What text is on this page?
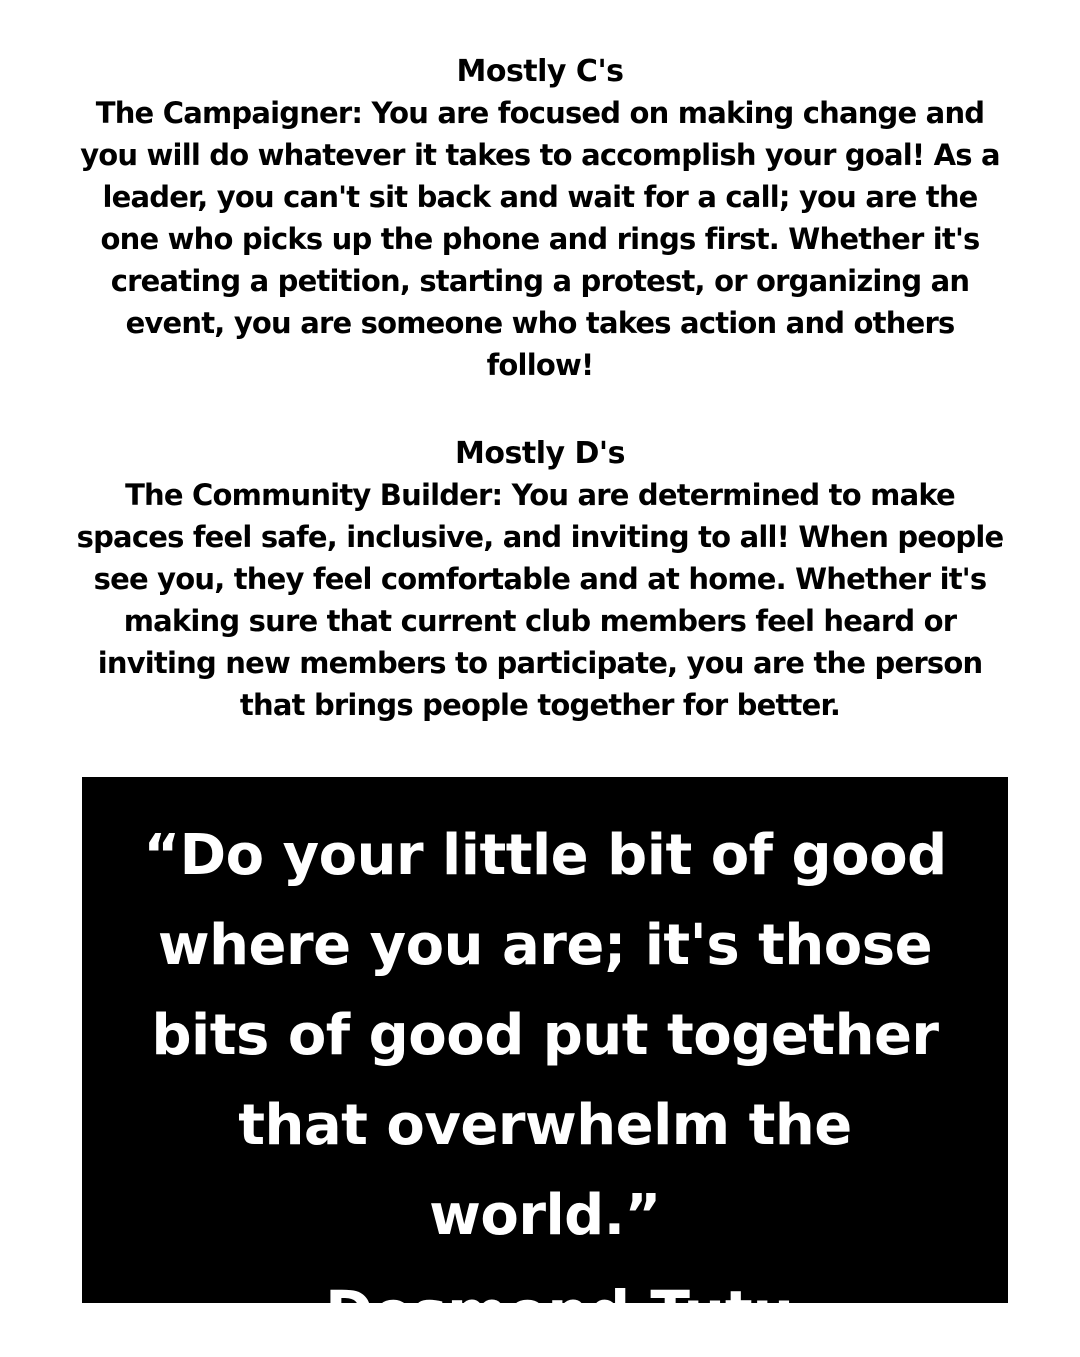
Mostly C's
The Campaigner: You are focused on making change and you will do whatever it takes to accomplish your goal! As a leader, you can't sit back and wait for a call; you are the one who picks up the phone and rings first. Whether it's creating a petition, starting a protest, or organizing an event, you are someone who takes action and others follow!
Mostly D's
The Community Builder: You are determined to make spaces feel safe, inclusive, and inviting to all! When people see you, they feel comfortable and at home. Whether it's making sure that current club members feel heard or inviting new members to participate, you are the person that brings people together for better.
“Do your little bit of good where you are; it's those bits of good put together that overwhelm the world.”
–Desmond Tutu
